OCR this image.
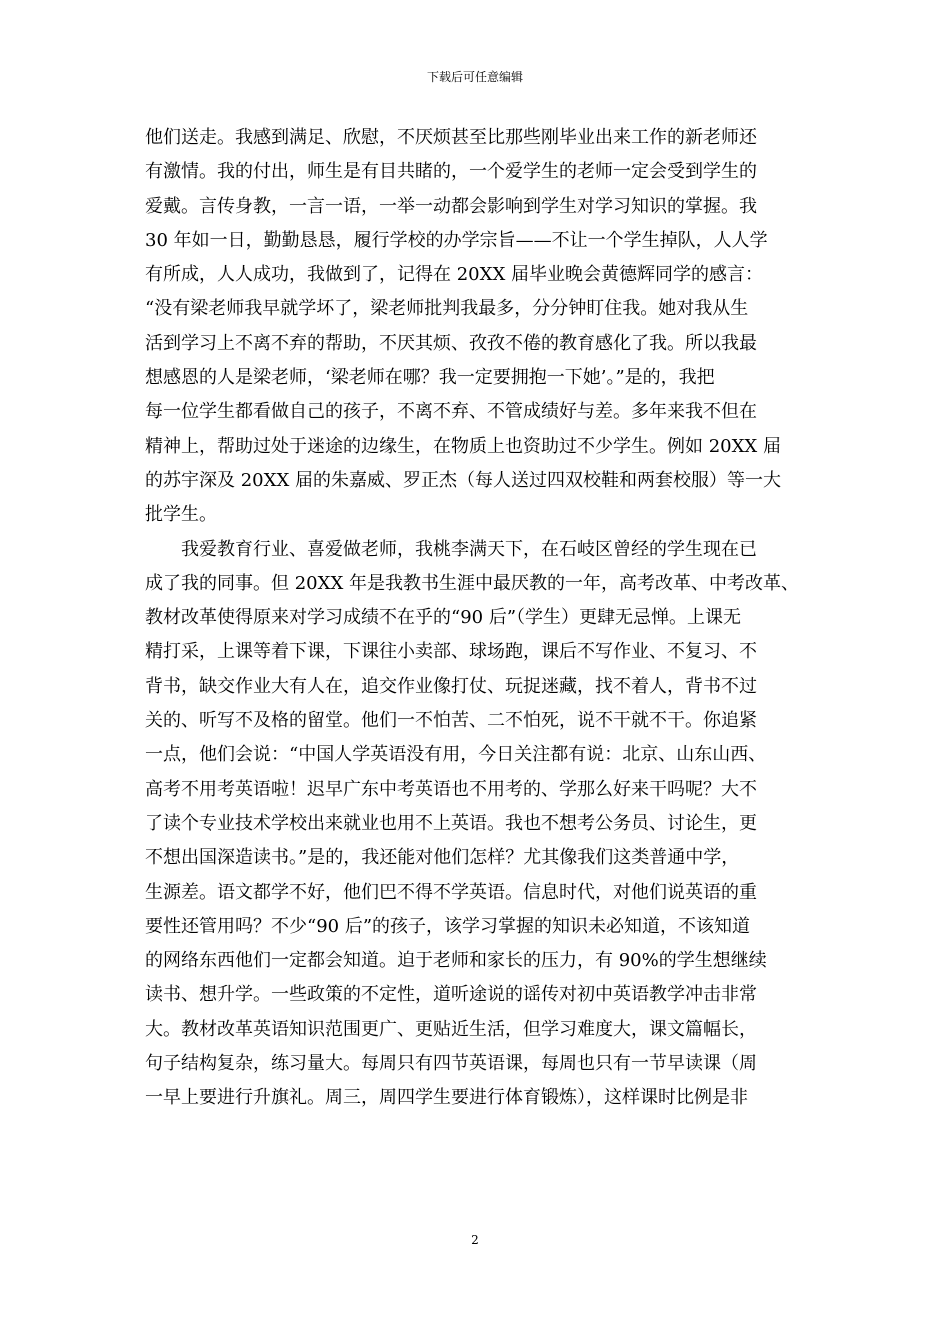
下载后可任意编辑
他们送走。我感到满足、欣慰，不厌烦甚至比那些刚毕业出来工作的新老师还
有激情。我的付出，师生是有目共睹的，一个爱学生的老师一定会受到学生的
爱戴。言传身教，一言一语，一举一动都会影响到学生对学习知识的掌握。我
30 年如一日，勤勤恳恳，履行学校的办学宗旨——不让一个学生掉队，人人学
有所成，人人成功，我做到了，记得在 20XX 届毕业晚会黄德辉同学的感言：
“没有梁老师我早就学坏了，梁老师批判我最多，分分钟盯住我。她对我从生
活到学习上不离不弃的帮助，不厌其烦、孜孜不倦的教育感化了我。所以我最
想感恩的人是梁老师，‘梁老师在哪？我一定要拥抱一下她’。”是的，我把
每一位学生都看做自己的孩子，不离不弃、不管成绩好与差。多年来我不但在
精神上，帮助过处于迷途的边缘生，在物质上也资助过不少学生。例如 20XX 届
的苏宇深及 20XX 届的朱嘉威、罗正杰（每人送过四双校鞋和两套校服）等一大
批学生。
　　我爱教育行业、喜爱做老师，我桃李满天下，在石岐区曾经的学生现在已
成了我的同事。但 20XX 年是我教书生涯中最厌教的一年，高考改革、中考改革、
教材改革使得原来对学习成绩不在乎的“90 后”（学生）更肆无忌惮。上课无
精打采，上课等着下课，下课往小卖部、球场跑，课后不写作业、不复习、不
背书，缺交作业大有人在，追交作业像打仗、玩捉迷藏，找不着人，背书不过
关的、听写不及格的留堂。他们一不怕苦、二不怕死，说不干就不干。你追紧
一点，他们会说：“中国人学英语没有用，今日关注都有说：北京、山东山西、
高考不用考英语啦！迟早广东中考英语也不用考的、学那么好来干吗呢？大不
了读个专业技术学校出来就业也用不上英语。我也不想考公务员、讨论生，更
不想出国深造读书。”是的，我还能对他们怎样？尤其像我们这类普通中学，
生源差。语文都学不好，他们巴不得不学英语。信息时代，对他们说英语的重
要性还管用吗？不少“90 后”的孩子，该学习掌握的知识未必知道，不该知道
的网络东西他们一定都会知道。迫于老师和家长的压力，有 90%的学生想继续
读书、想升学。一些政策的不定性，道听途说的谣传对初中英语教学冲击非常
大。教材改革英语知识范围更广、更贴近生活，但学习难度大，课文篇幅长，
句子结构复杂，练习量大。每周只有四节英语课，每周也只有一节早读课（周
一早上要进行升旗礼。周三，周四学生要进行体育锻炼），这样课时比例是非
2
